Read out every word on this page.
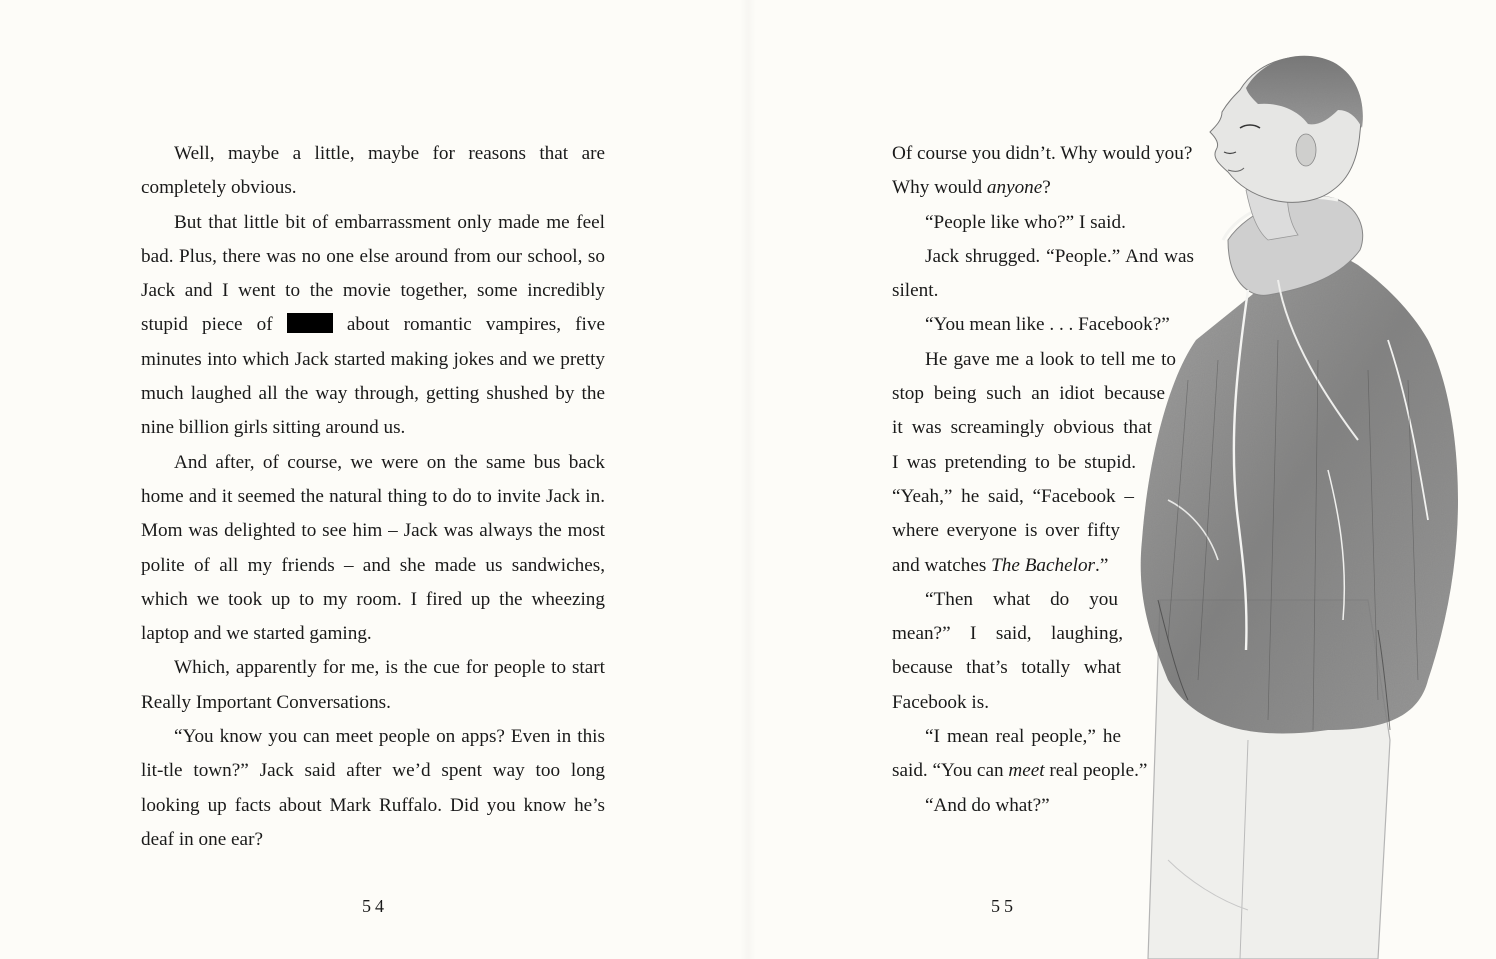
Well, maybe a little, maybe for reasons that are completely obvious.

But that little bit of embarrassment only made me feel bad. Plus, there was no one else around from our school, so Jack and I went to the movie together, some incredibly stupid piece of  about romantic vampires, five minutes into which Jack started making jokes and we pretty much laughed all the way through, getting shushed by the nine billion girls sitting around us.

And after, of course, we were on the same bus back home and it seemed the natural thing to do to invite Jack in. Mom was delighted to see him – Jack was always the most polite of all my friends – and she made us sandwiches, which we took up to my room. I fired up the wheezing laptop and we started gaming.

Which, apparently for me, is the cue for people to start Really Important Conversations.

“You know you can meet people on apps? Even in this lit-tle town?” Jack said after we’d spent way too long looking up facts about Mark Ruffalo. Did you know he’s deaf in one ear?

54
Of course you didn’t. Why would you?
Why would anyone?
“People like who?” I said.
Jack shrugged. “People.” And was
silent.
“You mean like . . . Facebook?”
He gave me a look to tell me to
stop being such an idiot because
it was screamingly obvious that
I was pretending to be stupid.
“Yeah,” he said, “Facebook –
where everyone is over fifty
and watches The Bachelor.”
“Then what do you
mean?” I said, laughing,
because that’s totally what
Facebook is.
“I mean real people,” he
said. “You can meet real people.”
“And do what?”
55
